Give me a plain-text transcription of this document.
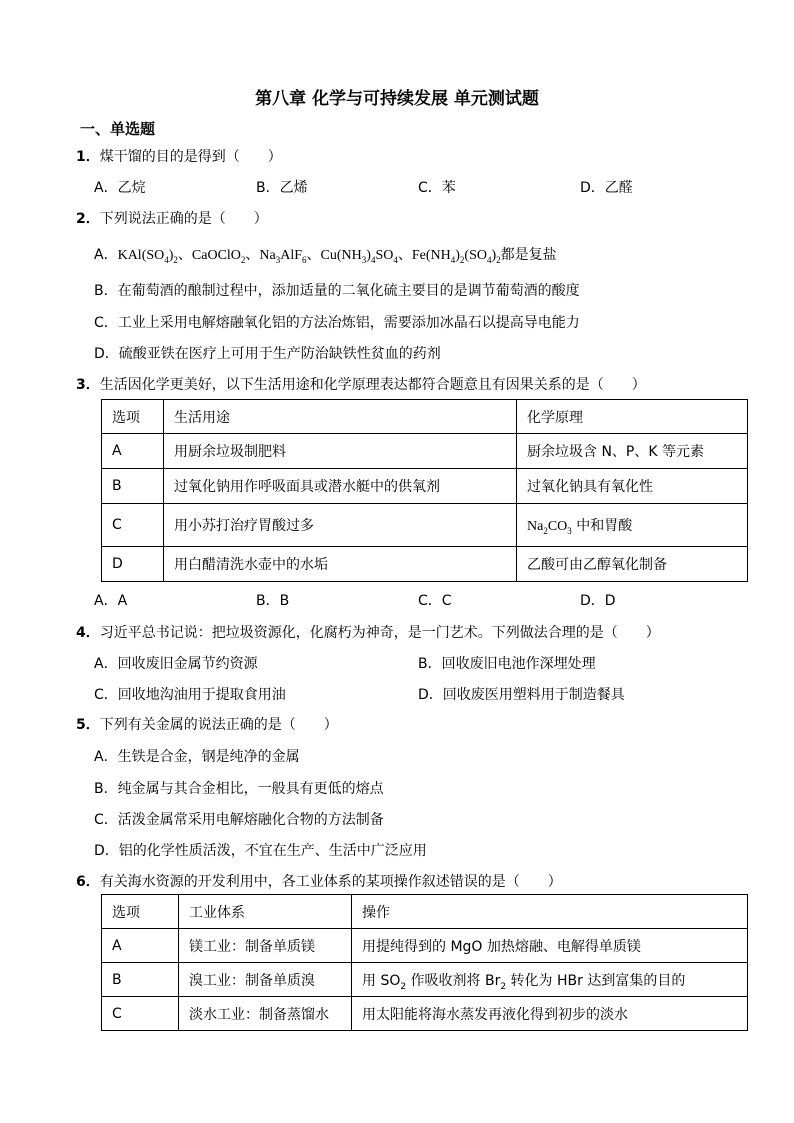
第八章 化学与可持续发展 单元测试题
一、单选题
1．煤干馏的目的是得到（　　）
A．乙烷	B．乙烯	C．苯	D．乙醛
2．下列说法正确的是（　　）
A．$KAl(SO_4)_2$、CaOClO$_2$、$Na_3AlF_6$、$Cu(NH_3)_4SO_4$、$Fe(NH_4)_2(SO_4)_2$都是复盐
B．在葡萄酒的酿制过程中，添加适量的二氧化硫主要目的是调节葡萄酒的酸度
C．工业上采用电解熔融氧化铝的方法冶炼铝，需要添加冰晶石以提高导电能力
D．硫酸亚铁在医疗上可用于生产防治缺铁性贫血的药剂
3．生活因化学更美好，以下生活用途和化学原理表达都符合题意且有因果关系的是（　　）
选项	生活用途	化学原理
A	用厨余垃圾制肥料	厨余垃圾含 N、P、K 等元素
B	过氧化钠用作呼吸面具或潜水艇中的供氧剂	过氧化钠具有氧化性
C	用小苏打治疗胃酸过多	$Na_2CO_3$ 中和胃酸
D	用白醋清洗水壶中的水垢	乙酸可由乙醇氧化制备
A．A	B．B	C．C	D．D
4．习近平总书记说：把垃圾资源化，化腐朽为神奇，是一门艺术。下列做法合理的是（　　）
A．回收废旧金属节约资源	B．回收废旧电池作深埋处理
C．回收地沟油用于提取食用油	D．回收废医用塑料用于制造餐具
5．下列有关金属的说法正确的是（　　）
A．生铁是合金，钢是纯净的金属
B．纯金属与其合金相比，一般具有更低的熔点
C．活泼金属常采用电解熔融化合物的方法制备
D．铝的化学性质活泼，不宜在生产、生活中广泛应用
6．有关海水资源的开发利用中，各工业体系的某项操作叙述错误的是（　　）
选项	工业体系	操作
A	镁工业：制备单质镁	用提纯得到的 MgO 加热熔融、电解得单质镁
B	溴工业：制备单质溴	用 $SO_2$ 作吸收剂将 $Br_2$ 转化为 HBr 达到富集的目的
C	淡水工业：制备蒸馏水	用太阳能将海水蒸发再液化得到初步的淡水
